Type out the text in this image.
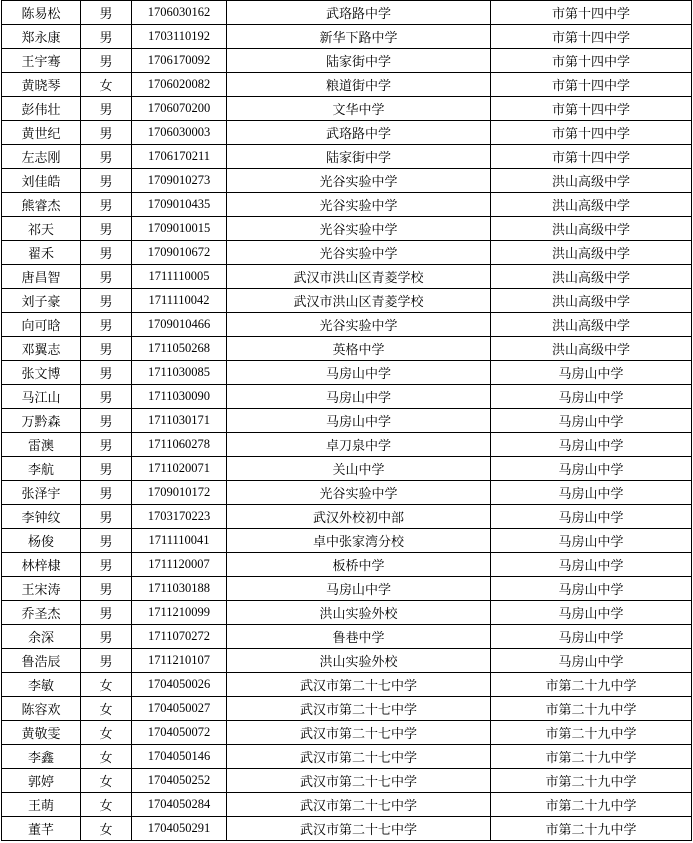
陈易松	男	1706030162	武珞路中学	市第十四中学
郑永康	男	1703110192	新华下路中学	市第十四中学
王宇骞	男	1706170092	陆家街中学	市第十四中学
黄晓琴	女	1706020082	粮道街中学	市第十四中学
彭伟壮	男	1706070200	文华中学	市第十四中学
黄世纪	男	1706030003	武珞路中学	市第十四中学
左志刚	男	1706170211	陆家街中学	市第十四中学
刘佳皓	男	1709010273	光谷实验中学	洪山高级中学
熊睿杰	男	1709010435	光谷实验中学	洪山高级中学
祁天	男	1709010015	光谷实验中学	洪山高级中学
翟禾	男	1709010672	光谷实验中学	洪山高级中学
唐昌智	男	1711110005	武汉市洪山区青菱学校	洪山高级中学
刘子豪	男	1711110042	武汉市洪山区青菱学校	洪山高级中学
向可晗	男	1709010466	光谷实验中学	洪山高级中学
邓翼志	男	1711050268	英格中学	洪山高级中学
张文博	男	1711030085	马房山中学	马房山中学
马江山	男	1711030090	马房山中学	马房山中学
万黔森	男	1711030171	马房山中学	马房山中学
雷澳	男	1711060278	卓刀泉中学	马房山中学
李航	男	1711020071	关山中学	马房山中学
张泽宇	男	1709010172	光谷实验中学	马房山中学
李钟纹	男	1703170223	武汉外校初中部	马房山中学
杨俊	男	1711110041	卓中张家湾分校	马房山中学
林梓棣	男	1711120007	板桥中学	马房山中学
王宋涛	男	1711030188	马房山中学	马房山中学
乔圣杰	男	1711210099	洪山实验外校	马房山中学
余深	男	1711070272	鲁巷中学	马房山中学
鲁浩辰	男	1711210107	洪山实验外校	马房山中学
李敏	女	1704050026	武汉市第二十七中学	市第二十九中学
陈容欢	女	1704050027	武汉市第二十七中学	市第二十九中学
黄敬雯	女	1704050072	武汉市第二十七中学	市第二十九中学
李鑫	女	1704050146	武汉市第二十七中学	市第二十九中学
郭婷	女	1704050252	武汉市第二十七中学	市第二十九中学
王萌	女	1704050284	武汉市第二十七中学	市第二十九中学
董芊	女	1704050291	武汉市第二十七中学	市第二十九中学
